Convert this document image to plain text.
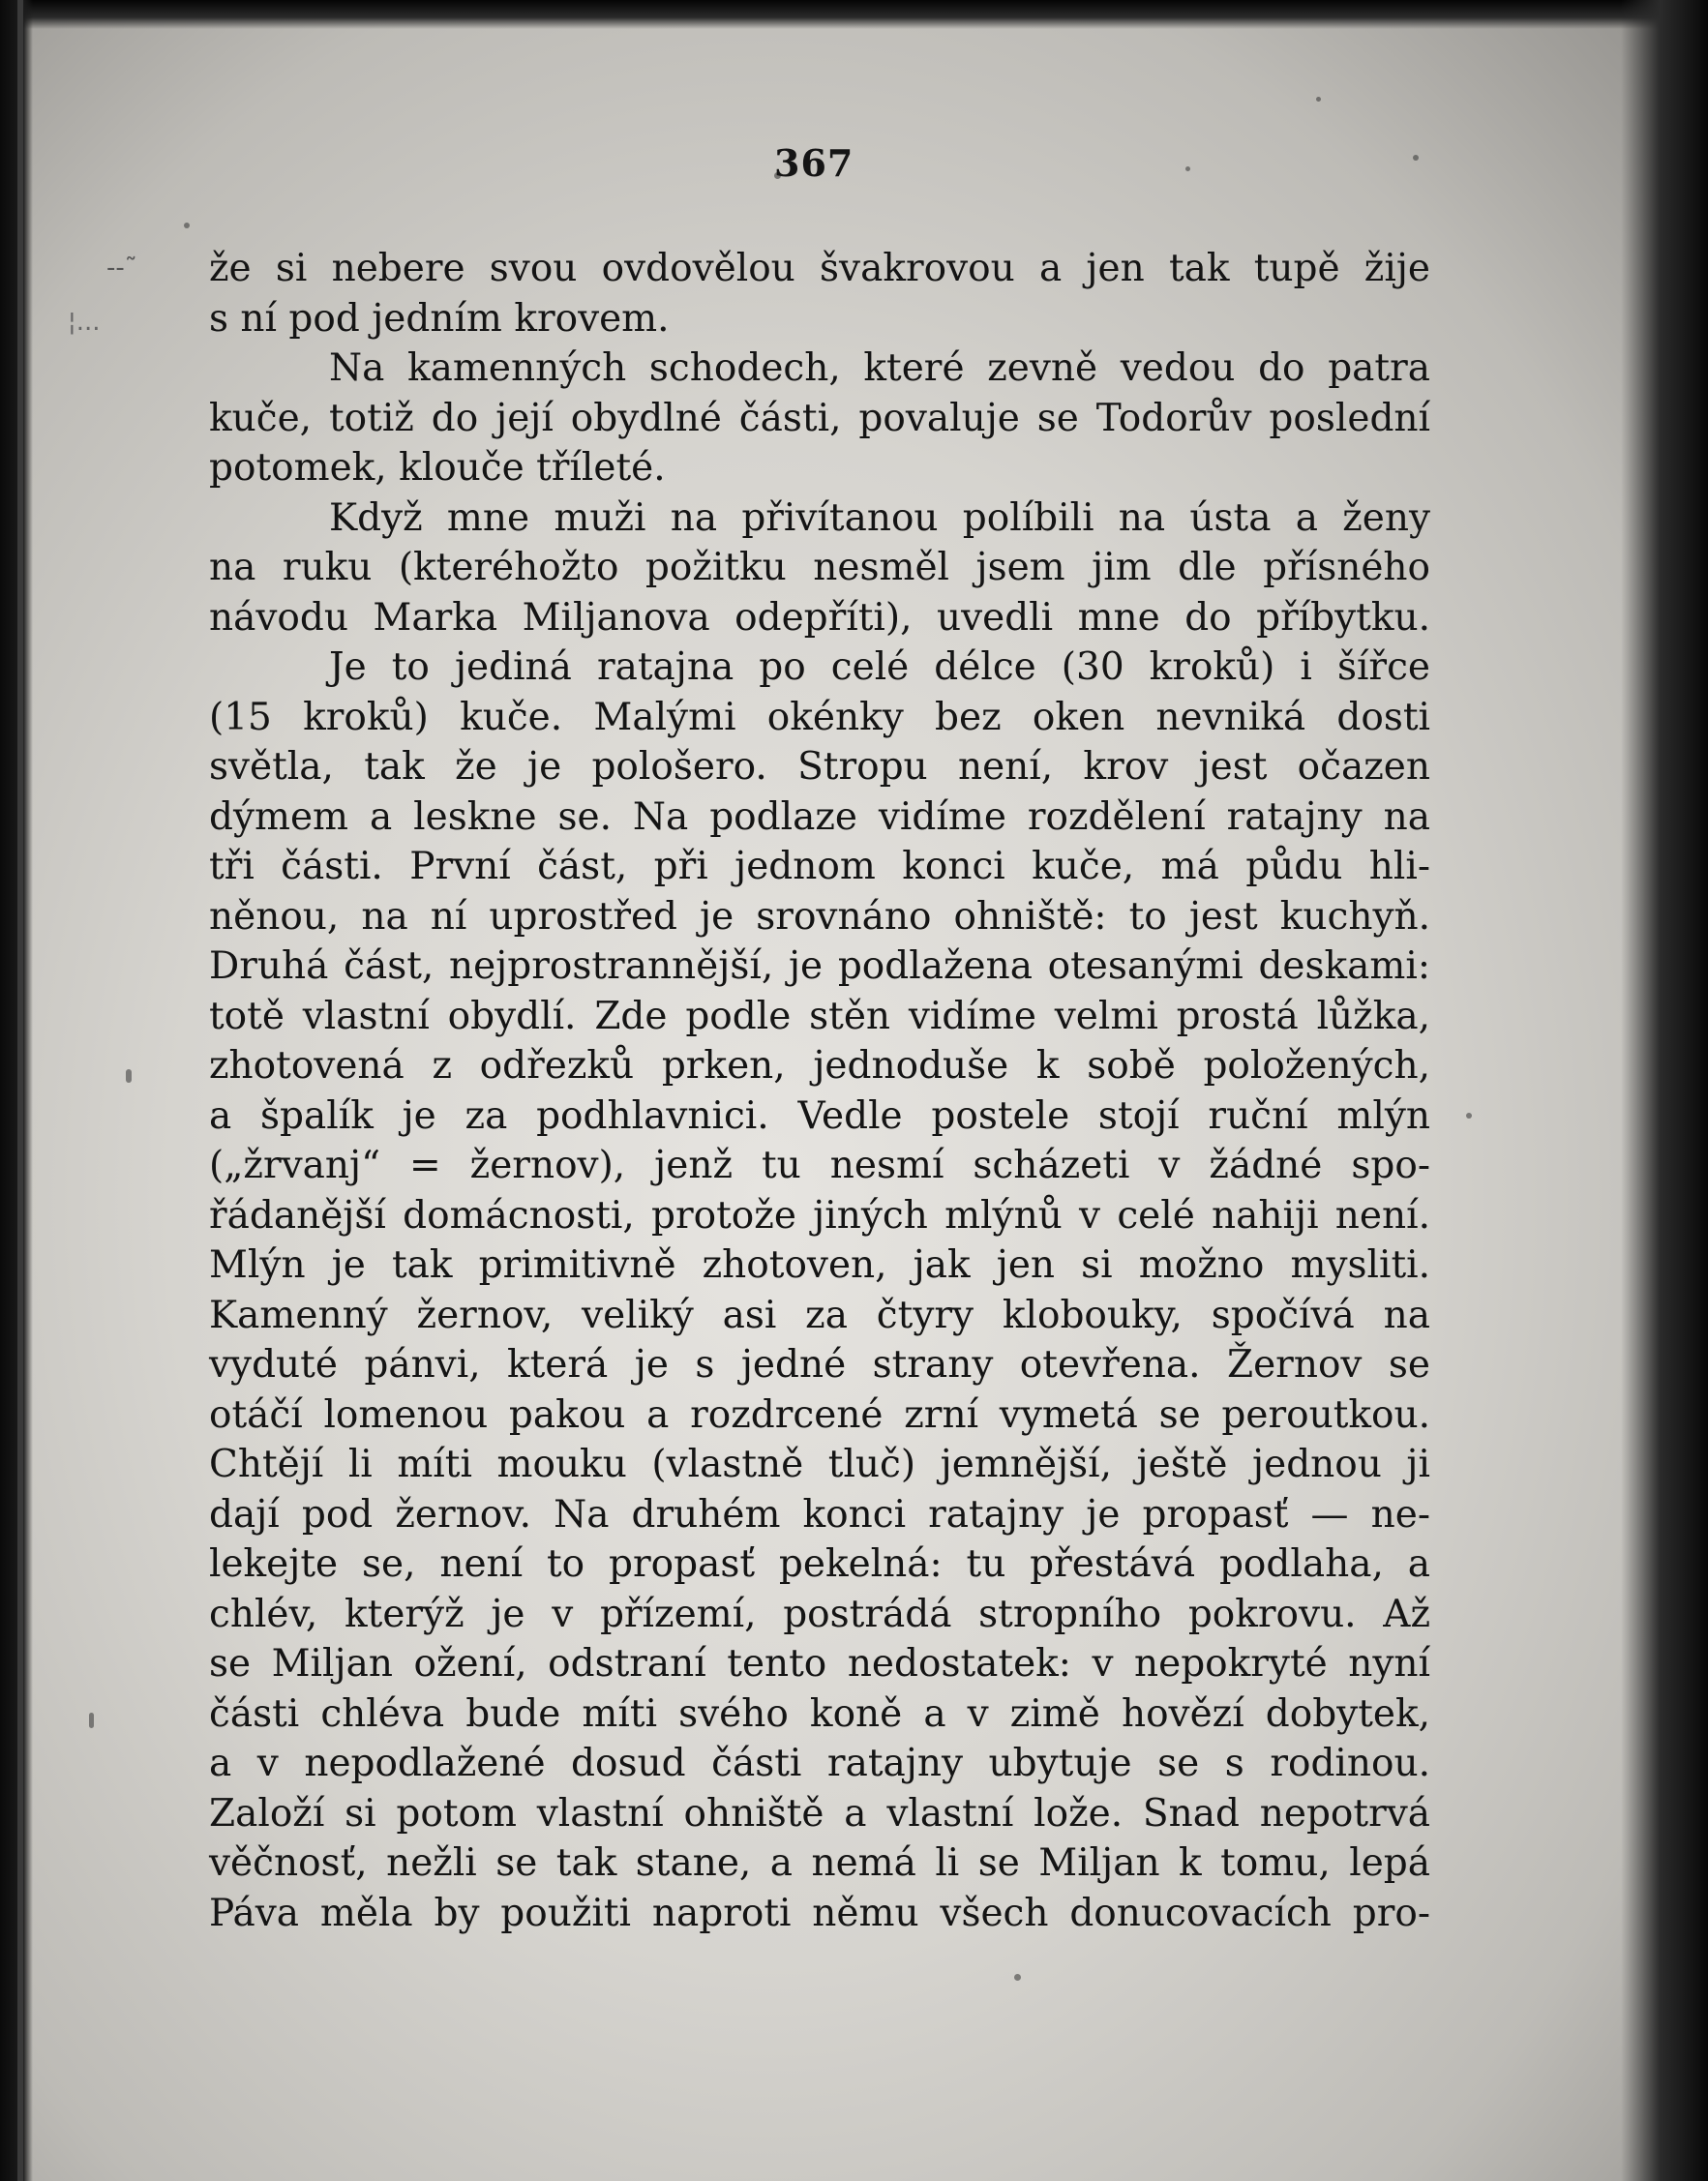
--˜
¦...
367
že si nebere svou ovdovělou švakrovou a jen tak tupě žije
s ní pod jedním krovem.
Na kamenných schodech, které zevně vedou do patra
kuče, totiž do její obydlné části, povaluje se Todorův poslední
potomek, klouče tříleté.
Když mne muži na přivítanou políbili na ústa a ženy
na ruku (kteréhožto požitku nesměl jsem jim dle přísného
návodu Marka Miljanova odepříti), uvedli mne do příbytku.
Je to jediná ratajna po celé délce (30 kroků) i šířce
(15 kroků) kuče. Malými okénky bez oken nevniká dosti
světla, tak že je pološero. Stropu není, krov jest očazen
dýmem a leskne se. Na podlaze vidíme rozdělení ratajny na
tři části. První část, při jednom konci kuče, má půdu hli-
něnou, na ní uprostřed je srovnáno ohniště: to jest kuchyň.
Druhá část, nejprostrannější, je podlažena otesanými deskami:
totě vlastní obydlí. Zde podle stěn vidíme velmi prostá lůžka,
zhotovená z odřezků prken, jednoduše k sobě položených,
a špalík je za podhlavnici. Vedle postele stojí ruční mlýn
(„žrvanj“ = žernov), jenž tu nesmí scházeti v žádné spo-
řádanější domácnosti, protože jiných mlýnů v celé nahiji není.
Mlýn je tak primitivně zhotoven, jak jen si možno mysliti.
Kamenný žernov, veliký asi za čtyry klobouky, spočívá na
vyduté pánvi, která je s jedné strany otevřena. Žernov se
otáčí lomenou pakou a rozdrcené zrní vymetá se peroutkou.
Chtějí li míti mouku (vlastně tluč) jemnější, ještě jednou ji
dají pod žernov. Na druhém konci ratajny je propasť — ne-
lekejte se, není to propasť pekelná: tu přestává podlaha, a
chlév, kterýž je v přízemí, postrádá stropního pokrovu. Až
se Miljan ožení, odstraní tento nedostatek: v nepokryté nyní
části chléva bude míti svého koně a v zimě hovězí dobytek,
a v nepodlažené dosud části ratajny ubytuje se s rodinou.
Založí si potom vlastní ohniště a vlastní lože. Snad nepotrvá
věčnosť, nežli se tak stane, a nemá li se Miljan k tomu, lepá
Páva měla by použiti naproti němu všech donucovacích pro-
